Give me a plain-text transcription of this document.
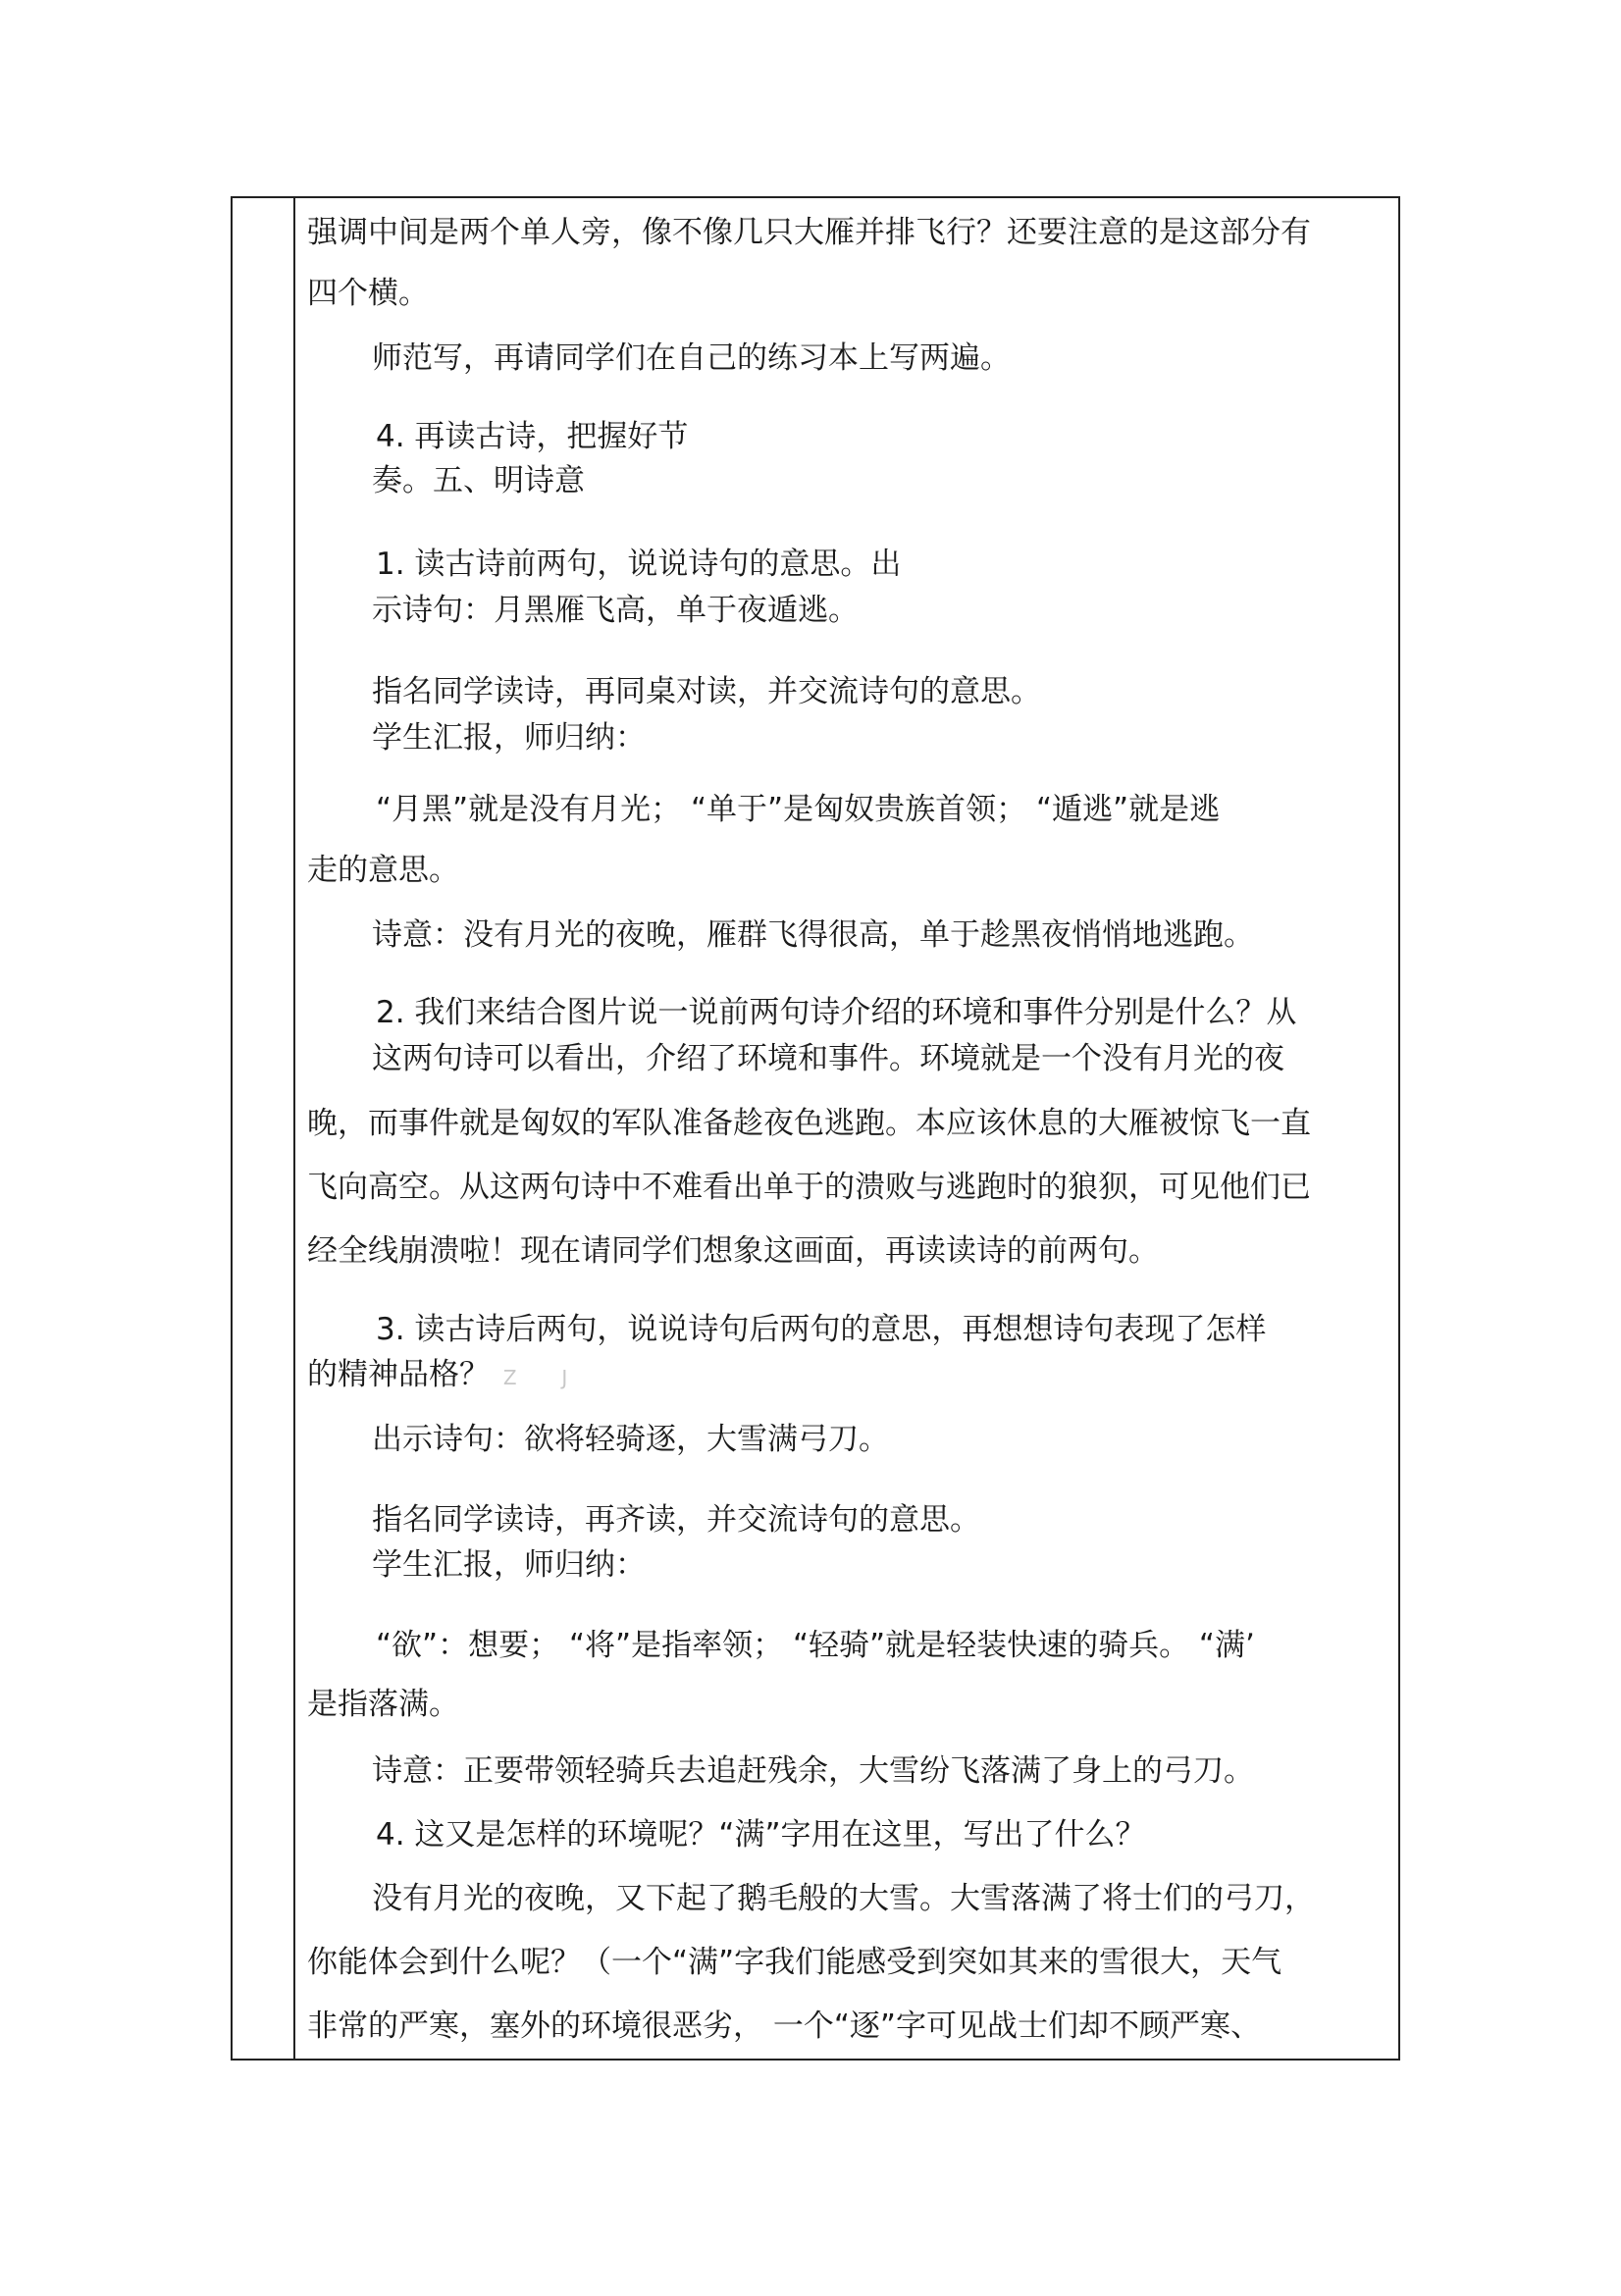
强调中间是两个单人旁，像不像几只大雁并排飞行？还要注意的是这部分有
四个横。
师范写，再请同学们在自己的练习本上写两遍。
4. 再读古诗，把握好节
奏。五、明诗意
1. 读古诗前两句，说说诗句的意思。出
示诗句：月黑雁飞高，单于夜遁逃。
指名同学读诗，再同桌对读，并交流诗句的意思。
学生汇报，师归纳：
“月黑”就是没有月光； “单于”是匈奴贵族首领； “遁逃”就是逃
走的意思。
诗意：没有月光的夜晚，雁群飞得很高，单于趁黑夜悄悄地逃跑。
2. 我们来结合图片说一说前两句诗介绍的环境和事件分别是什么？从
这两句诗可以看出，介绍了环境和事件。环境就是一个没有月光的夜
晚，而事件就是匈奴的军队准备趁夜色逃跑。本应该休息的大雁被惊飞一直
飞向高空。从这两句诗中不难看出单于的溃败与逃跑时的狼狈，可见他们已
经全线崩溃啦！现在请同学们想象这画面，再读读诗的前两句。
3. 读古诗后两句，说说诗句后两句的意思，再想想诗句表现了怎样
的精神品格？ Z J
出示诗句：欲将轻骑逐，大雪满弓刀。
指名同学读诗，再齐读，并交流诗句的意思。
学生汇报，师归纳：
“欲”：想要； “将”是指率领； “轻骑”就是轻装快速的骑兵。 “满’
是指落满。
诗意：正要带领轻骑兵去追赶残余，大雪纷飞落满了身上的弓刀。
4. 这又是怎样的环境呢？“满”字用在这里，写出了什么？
没有月光的夜晚，又下起了鹅毛般的大雪。大雪落满了将士们的弓刀，
你能体会到什么呢？（一个“满”字我们能感受到突如其来的雪很大，天气
非常的严寒，塞外的环境很恶劣， 一个“逐”字可见战士们却不顾严寒、
